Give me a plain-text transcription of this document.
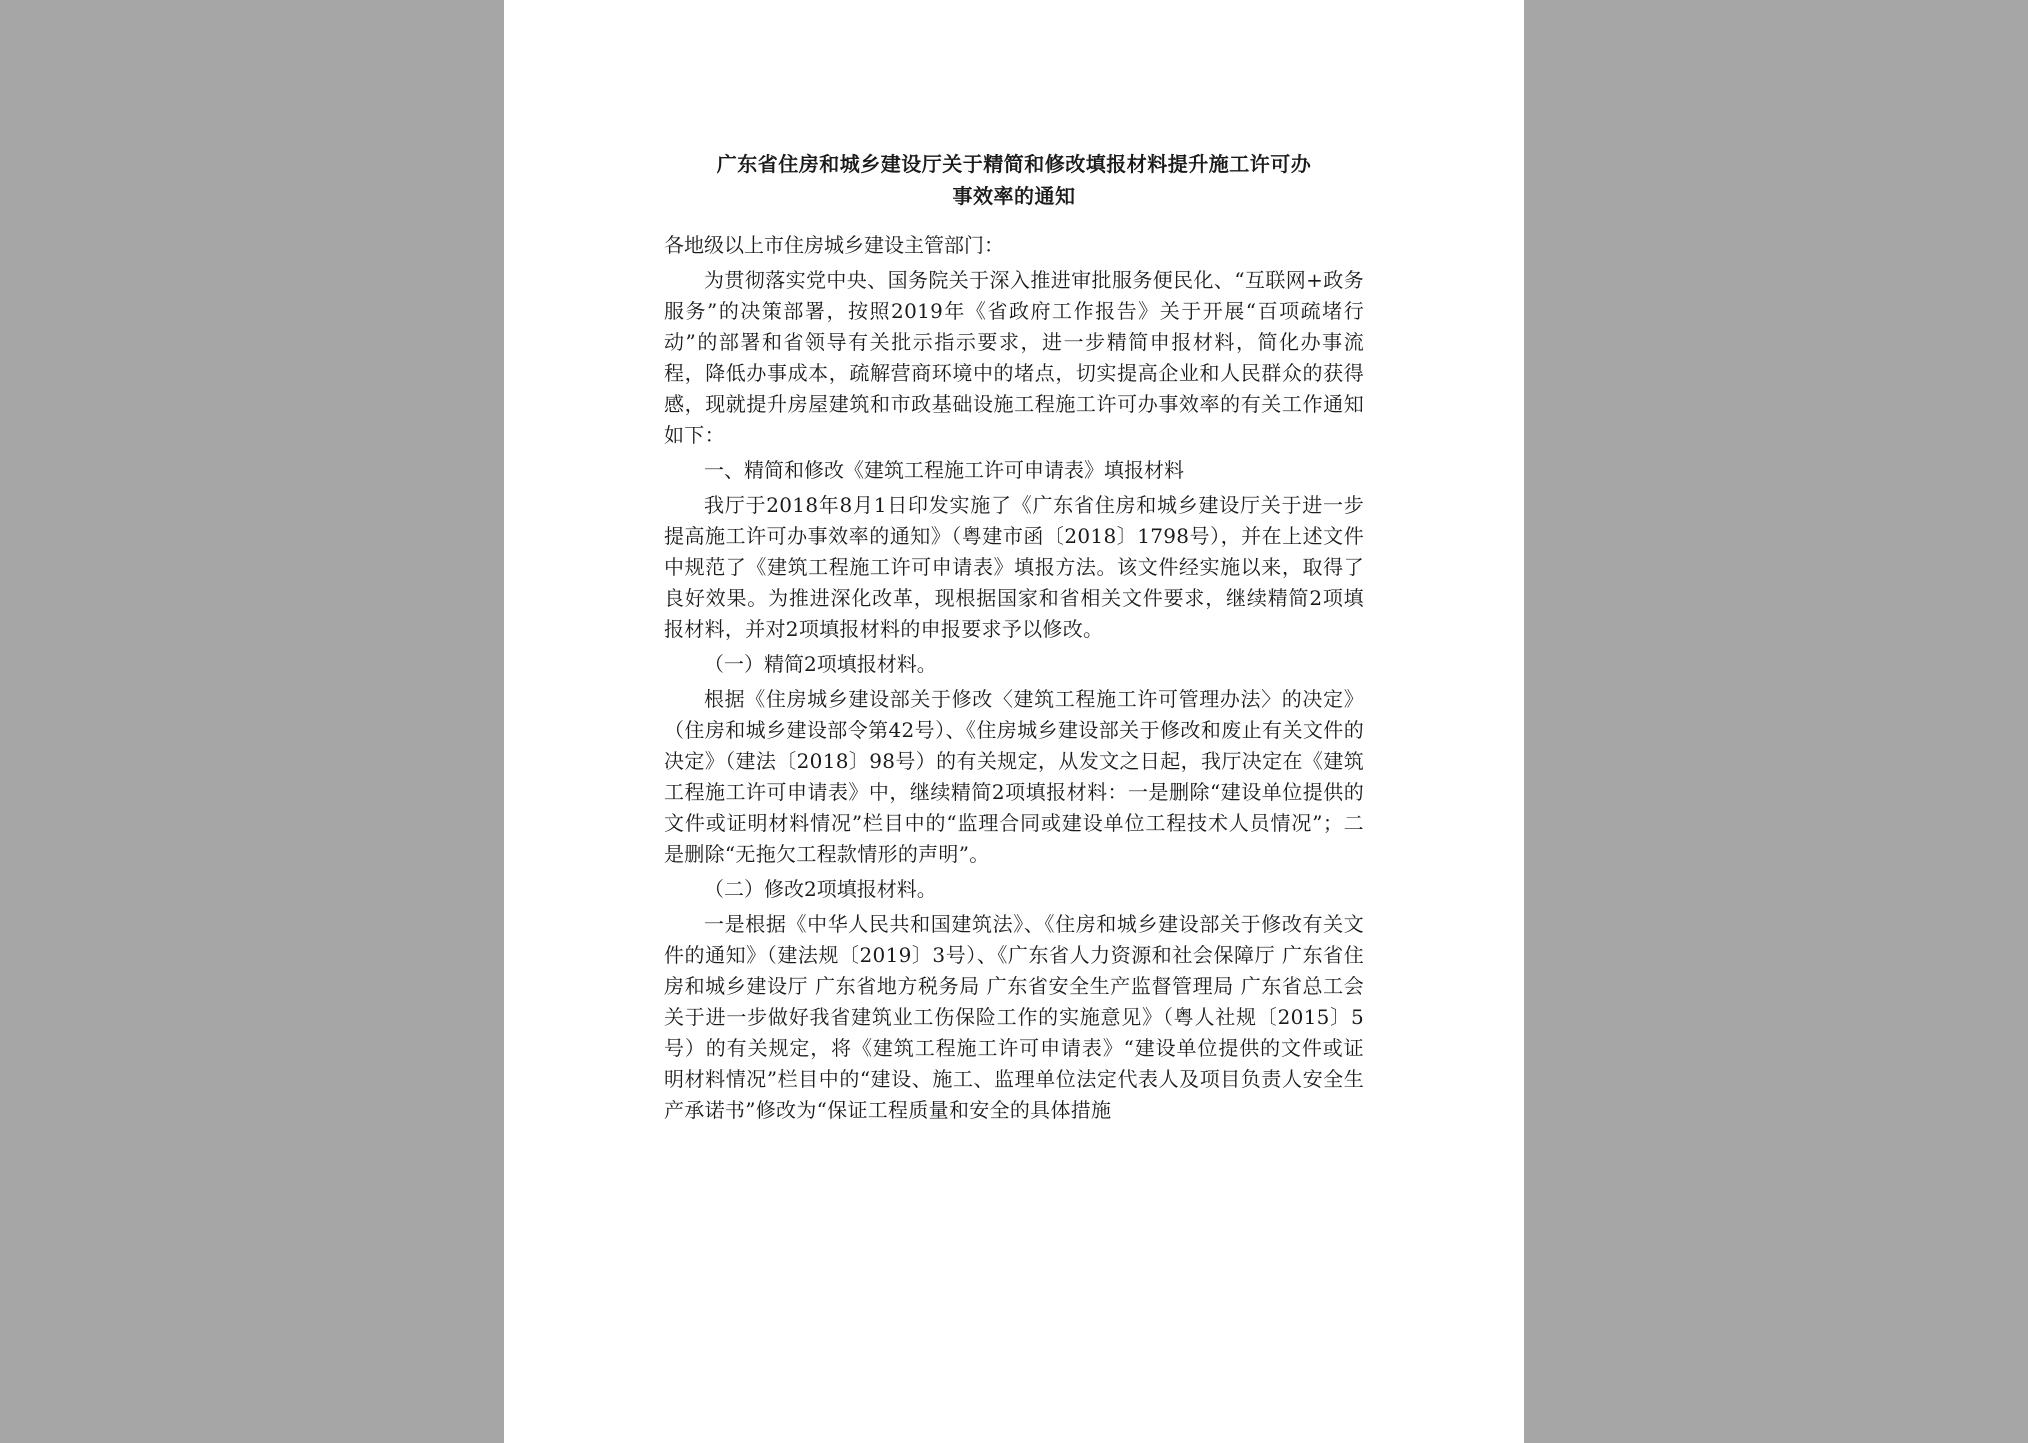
广东省住房和城乡建设厅关于精简和修改填报材料提升施工许可办
事效率的通知

各地级以上市住房城乡建设主管部门：

为贯彻落实党中央、国务院关于深入推进审批服务便民化、“互联网+政务服务”的决策部署，按照2019年《省政府工作报告》关于开展“百项疏堵行动”的部署和省领导有关批示指示要求，进一步精简申报材料，简化办事流程，降低办事成本，疏解营商环境中的堵点，切实提高企业和人民群众的获得感，现就提升房屋建筑和市政基础设施工程施工许可办事效率的有关工作通知如下：

一、精简和修改《建筑工程施工许可申请表》填报材料

我厅于2018年8月1日印发实施了《广东省住房和城乡建设厅关于进一步提高施工许可办事效率的通知》（粤建市函〔2018〕1798号），并在上述文件中规范了《建筑工程施工许可申请表》填报方法。该文件经实施以来，取得了良好效果。为推进深化改革，现根据国家和省相关文件要求，继续精简2项填报材料，并对2项填报材料的申报要求予以修改。

（一）精简2项填报材料。

根据《住房城乡建设部关于修改〈建筑工程施工许可管理办法〉的决定》（住房和城乡建设部令第42号）、《住房城乡建设部关于修改和废止有关文件的决定》（建法〔2018〕98号）的有关规定，从发文之日起，我厅决定在《建筑工程施工许可申请表》中，继续精简2项填报材料：一是删除“建设单位提供的文件或证明材料情况”栏目中的“监理合同或建设单位工程技术人员情况”；二是删除“无拖欠工程款情形的声明”。

（二）修改2项填报材料。

一是根据《中华人民共和国建筑法》、《住房和城乡建设部关于修改有关文件的通知》（建法规〔2019〕3号）、《广东省人力资源和社会保障厅 广东省住房和城乡建设厅 广东省地方税务局 广东省安全生产监督管理局 广东省总工会关于进一步做好我省建筑业工伤保险工作的实施意见》（粤人社规〔2015〕5号）的有关规定，将《建筑工程施工许可申请表》“建设单位提供的文件或证明材料情况”栏目中的“建设、施工、监理单位法定代表人及项目负责人安全生产承诺书”修改为“保证工程质量和安全的具体措施
